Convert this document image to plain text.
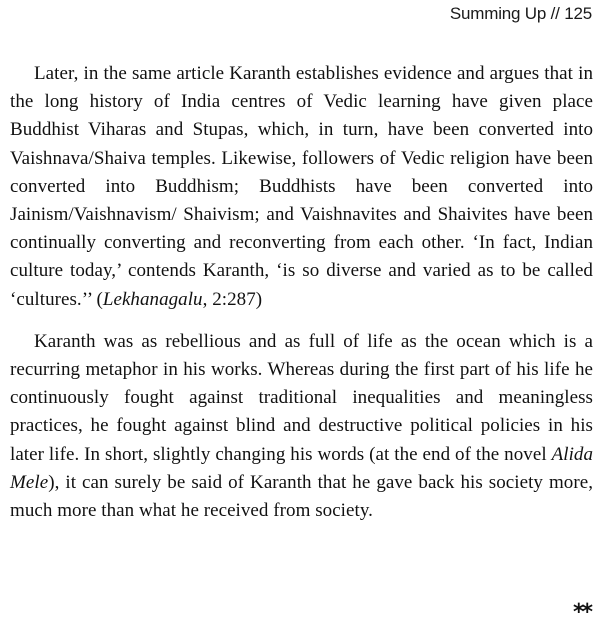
Summing Up // 125

Later, in the same article Karanth establishes evidence and argues that in the long history of India centres of Vedic learning have given place Buddhist Viharas and Stupas, which, in turn, have been converted into Vaishnava/Shaiva temples. Likewise, followers of Vedic religion have been converted into Buddhism; Buddhists have been converted into Jainism/Vaishnavism/ Shaivism; and Vaishnavites and Shaivites have been continually converting and reconverting from each other. ‘In fact, Indian culture today,’ contends Karanth, ‘is so diverse and varied as to be called ‘cultures.’’ (Lekhanagalu, 2:287)

Karanth was as rebellious and as full of life as the ocean which is a recurring metaphor in his works. Whereas during the first part of his life he continuously fought against traditional inequalities and meaningless practices, he fought against blind and destructive political policies in his later life. In short, slightly changing his words (at the end of the novel Alida Mele), it can surely be said of Karanth that he gave back his society more, much more than what he received from society.

**
